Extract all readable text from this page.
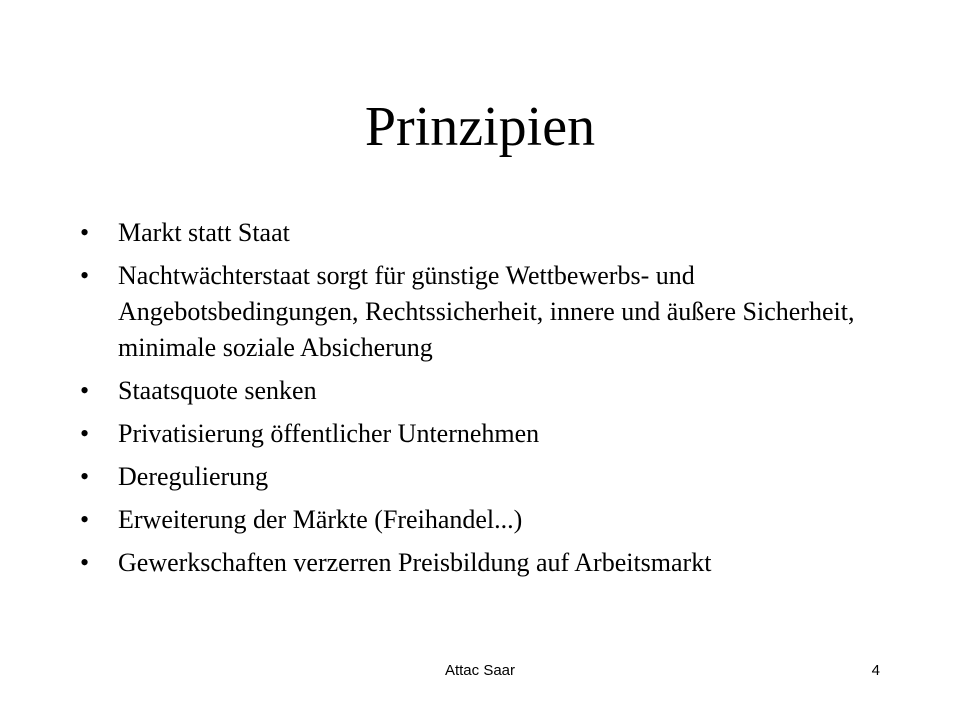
Prinzipien
• Markt statt Staat
• Nachtwächterstaat sorgt für günstige Wettbewerbs- und Angebotsbedingungen, Rechtssicherheit, innere und äußere Sicherheit, minimale soziale Absicherung
• Staatsquote senken
• Privatisierung öffentlicher Unternehmen
• Deregulierung
• Erweiterung der Märkte (Freihandel...)
• Gewerkschaften verzerren Preisbildung auf Arbeitsmarkt
Attac Saar	4
